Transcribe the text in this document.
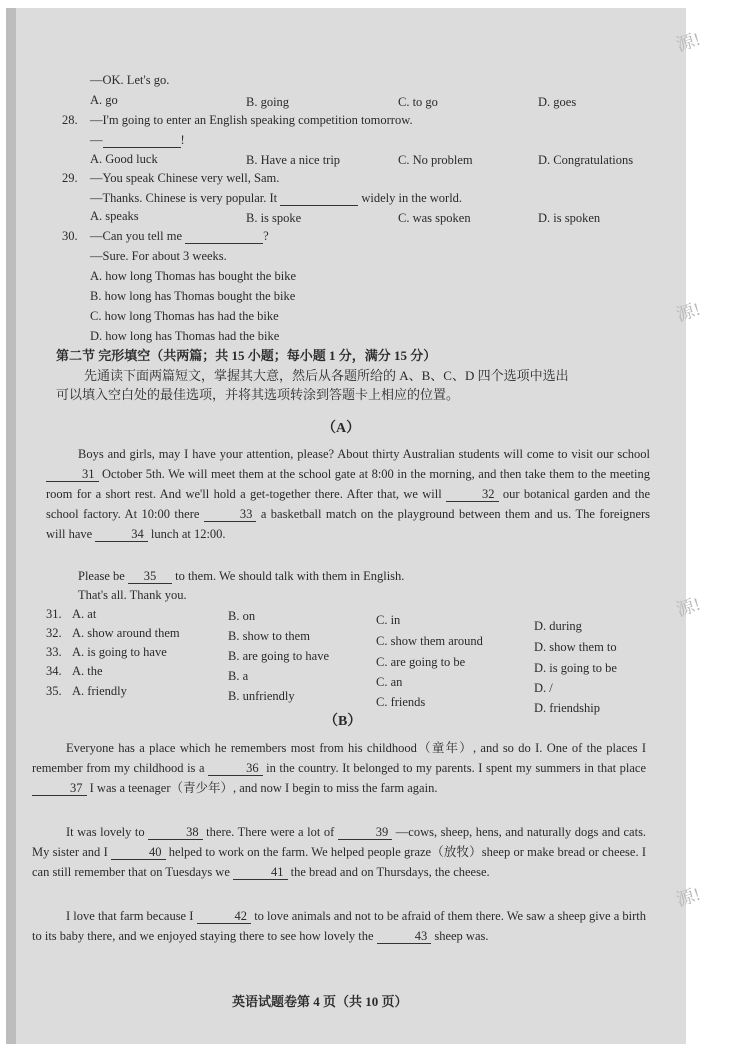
源!
源!
源!
源!
—OK. Let's go.
A. go	B. going	C. to go	D. goes
28. —I'm going to enter an English speaking competition tomorrow.
—	!
A. Good luck	B. Have a nice trip	C. No problem	D. Congratulations
29. —You speak Chinese very well, Sam.
—Thanks. Chinese is very popular. It	widely in the world.
A. speaks	B. is spoke	C. was spoken	D. is spoken
30. —Can you tell me	?
—Sure. For about 3 weeks.
A. how long Thomas has bought the bike
B. how long has Thomas bought the bike
C. how long Thomas has had the bike
D. how long has Thomas had the bike
第二节 完形填空（共两篇；共 15 小题；每小题 1 分，满分 15 分）
先通读下面两篇短文，掌握其大意，然后从各题所给的 A、B、C、D 四个选项中选出
可以填入空白处的最佳选项，并将其选项转涂到答题卡上相应的位置。
（A）
Boys and girls, may I have your attention, please? About thirty Australian students will come to visit our school 31 October 5th. We will meet them at the school gate at 8:00 in the morning, and then take them to the meeting room for a short rest. And we'll hold a get-together there. After that, we will	32 our botanical garden and the school factory. At 10:00 there	33 a basketball match on the playground between them and us. The foreigners will have	34 lunch at 12:00.
Please be 35 to them. We should talk with them in English.
That's all. Thank you.
31. A. at	B. on	C. in	D. during
32. A. show around them	B. show to them	C. show them around	D. show them to
33. A. is going to have	B. are going to have	C. are going to be	D. is going to be
34. A. the	B. a	C. an	D. /
35. A. friendly	B. unfriendly	C. friends	D. friendship
（B）
Everyone has a place which he remembers most from his childhood（童年）, and so do I. One of the places I remember from my childhood is a	36 in the country. It belonged to my parents. I spent my summers in that place 37 I was a teenager（青少年）, and now I begin to miss the farm again.
It was lovely to	38 there. There were a lot of	39 —cows, sheep, hens, and naturally dogs and cats. My sister and I	40 helped to work on the farm. We helped people graze（放牧）sheep or make bread or cheese. I can still remember that on Tuesdays we	41 the bread and on Thursdays, the cheese.
I love that farm because I	42 to love animals and not to be afraid of them there. We saw a sheep give a birth to its baby there, and we enjoyed staying there to see how lovely the	43 sheep was.
英语试题卷第 4 页（共 10 页）
